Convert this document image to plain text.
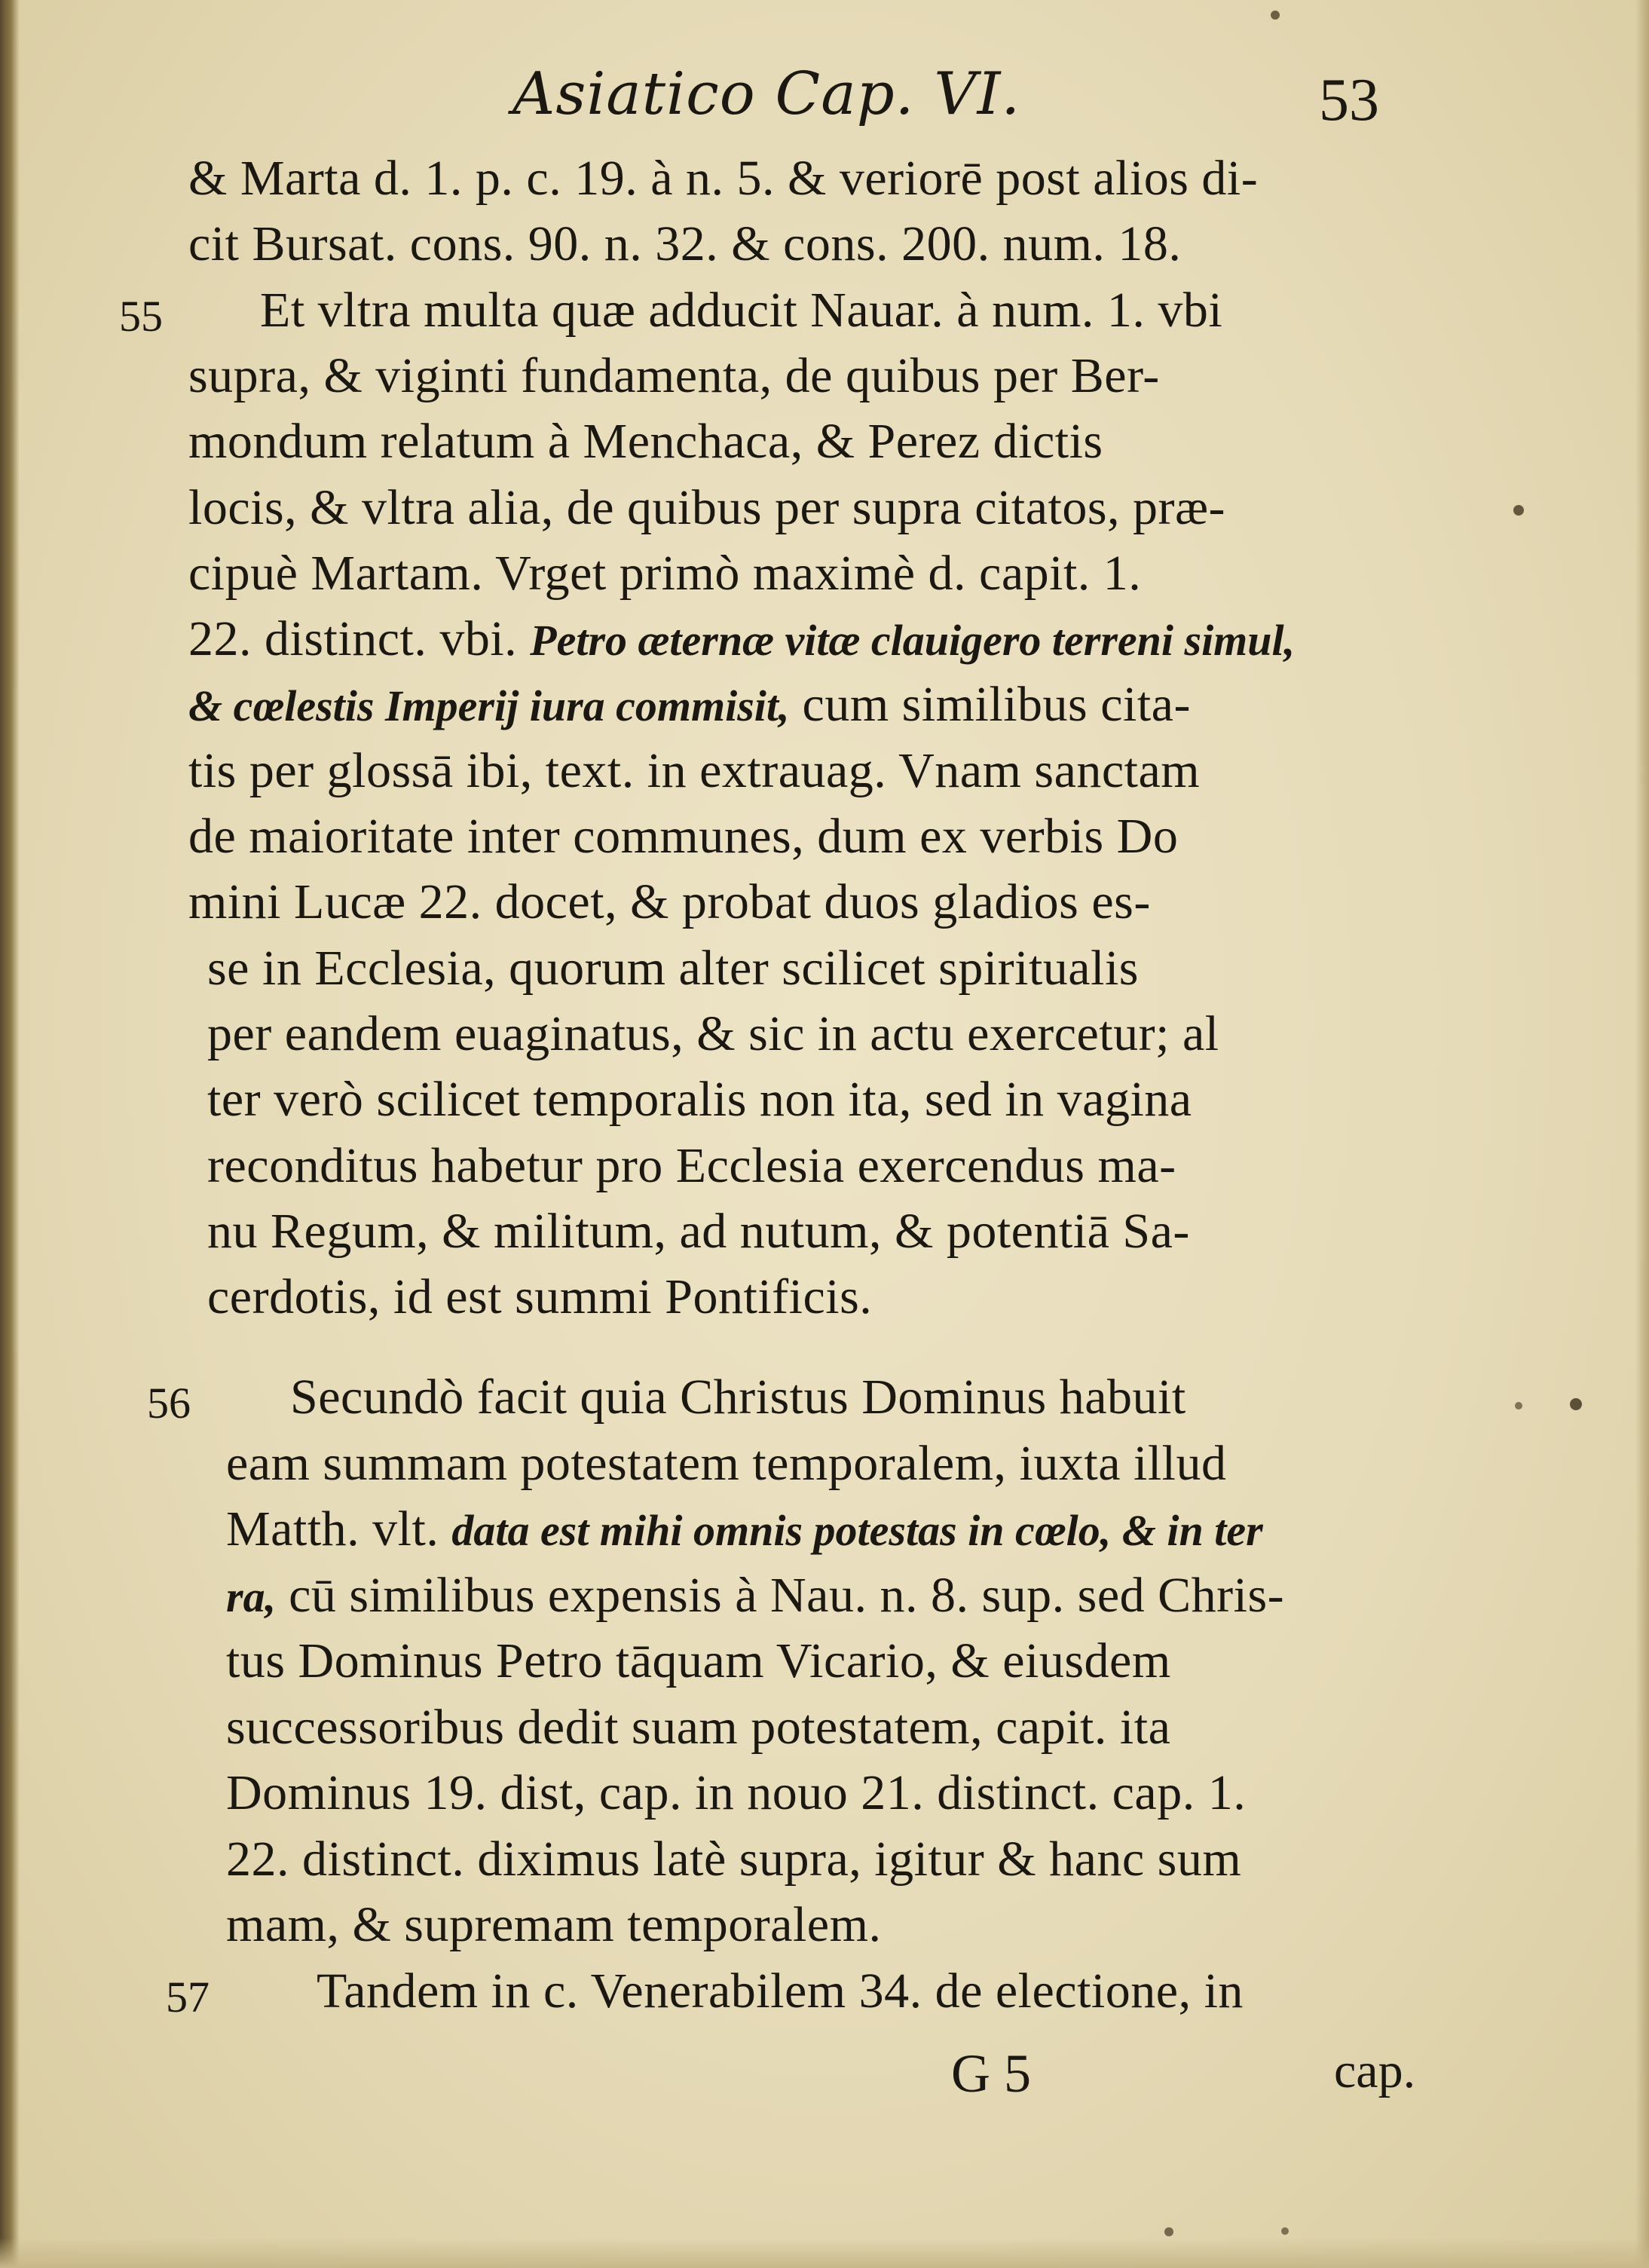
Asiatico Cap. VI.	53
& Marta d. 1. p. c. 19. à n. 5. & veriorē post alios di-
cit Bursat. cons. 90. n. 32. & cons. 200. num. 18.
Et vltra multa quæ adducit Nauar. à num. 1. vbi
supra, & viginti fundamenta, de quibus per Ber-
mondum relatum à Menchaca, & Perez dictis
locis, & vltra alia, de quibus per supra citatos, præ-
cipuè Martam. Vrget primò maximè d. capit. 1.
22. distinct. vbi. Petro æternæ vitæ clauigero terreni simul,
& cœlestis Imperij iura commisit, cum similibus cita-
tis per glossā ibi, text. in extrauag. Vnam sanctam
de maioritate inter communes, dum ex verbis Do
mini Lucæ 22. docet, & probat duos gladios es-
se in Ecclesia, quorum alter scilicet spiritualis
per eandem euaginatus, & sic in actu exercetur; al
ter verò scilicet temporalis non ita, sed in vagina
reconditus habetur pro Ecclesia exercendus ma-
nu Regum, & militum, ad nutum, & potentiā Sa-
cerdotis, id est summi Pontificis.
Secundò facit quia Christus Dominus habuit
eam summam potestatem temporalem, iuxta illud
Matth. vlt. data est mihi omnis potestas in cœlo, & in ter
ra, cū similibus expensis à Nau. n. 8. sup. sed Chris-
tus Dominus Petro tāquam Vicario, & eiusdem
successoribus dedit suam potestatem, capit. ita
Dominus 19. dist, cap. in nouo 21. distinct. cap. 1.
22. distinct. diximus latè supra, igitur & hanc sum
mam, & supremam temporalem.
Tandem in c. Venerabilem 34. de electione, in
55
56
57
G 5	cap.
